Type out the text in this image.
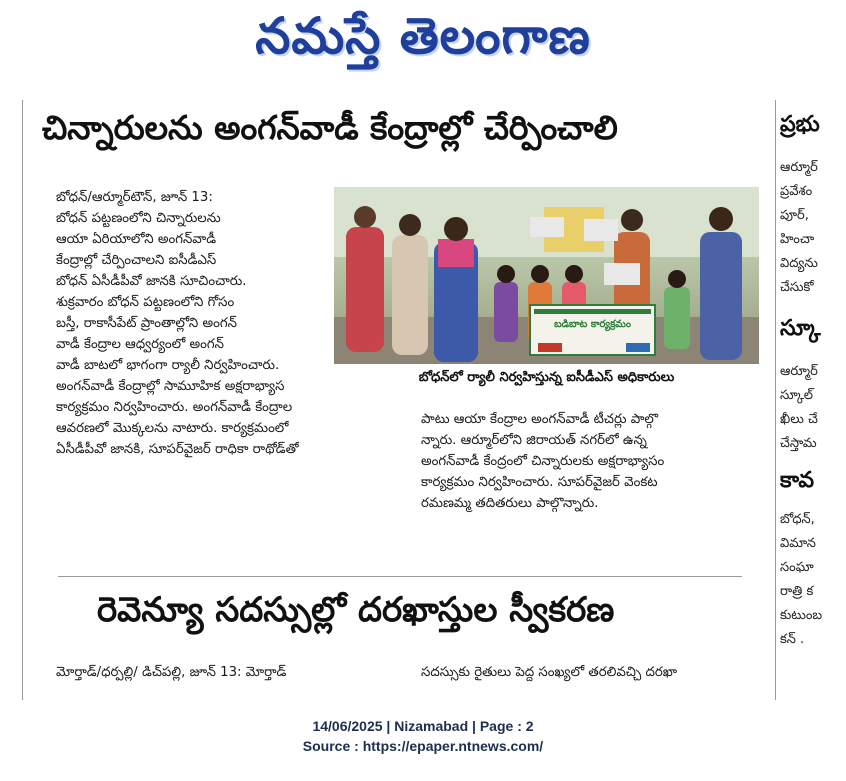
నమస్తే తెలంగాణ
చిన్నారులను అంగన్‌వాడీ కేంద్రాల్లో చేర్పించాలి

బోధన్/ఆర్మూర్‌టౌన్, జూన్ 13:

బోధన్ పట్టణంలోని చిన్నారులను

ఆయా ఏరియాలోని అంగన్‌వాడీ

కేంద్రాల్లో చేర్పించాలని ఐసీడీఎస్

బోధన్ ఏసీడీపీవో జానకి సూచించారు.

శుక్రవారం బోధన్ పట్టణంలోని గోసం

బస్తీ, రాకాసీపేట్ ప్రాంతాల్లోని అంగన్

వాడీ కేంద్రాల ఆధ్వర్యంలో అంగన్

వాడీ బాటలో భాగంగా ర్యాలీ నిర్వహించారు.

అంగన్‌వాడీ కేంద్రాల్లో సామూహిక అక్షరాభ్యాస

కార్యక్రమం నిర్వహించారు. అంగన్‌వాడీ కేంద్రాల

ఆవరణలో మొక్కలను నాటారు. కార్యక్రమంలో

ఏసీడీపీవో జానకి, సూపర్‌వైజర్ రాధికా రాథోడ్‌తో

బడిబాట కార్యక్రమం
బోధన్‌లో ర్యాలీ నిర్వహిస్తున్న ఐసీడీఎస్ అధికారులు

పాటు ఆయా కేంద్రాల అంగన్‌వాడీ టీచర్లు పాల్గొ

న్నారు. ఆర్మూర్‌లోని జిరాయత్ నగర్‌లో ఉన్న

అంగన్‌వాడీ కేంద్రంలో చిన్నారులకు అక్షరాభ్యాసం

కార్యక్రమం నిర్వహించారు. సూపర్‌వైజర్ వెంకట

రమణమ్మ తదితరులు పాల్గొన్నారు.

రెవెన్యూ సదస్సుల్లో దరఖాస్తుల స్వీకరణ

మోర్తాడ్/ధర్పల్లి/ డిచ్‌పల్లి, జూన్ 13: మోర్తాడ్	సదస్సుకు రైతులు పెద్ద సంఖ్యలో తరలివచ్చి దరఖా

ప్రభు
ఆర్మూర్
ప్రవేశం
పూర్,
హించా
విద్యను
చేసుకో
స్కూ
ఆర్మూర్
స్కూల్
ఖీలు చే
చేస్తామ
కావ
బోధన్,
విమాన
సంఘా
రాత్రి క
కుటుంబ
కన్ .
14/06/2025 | Nizamabad | Page : 2
Source : https://epaper.ntnews.com/
